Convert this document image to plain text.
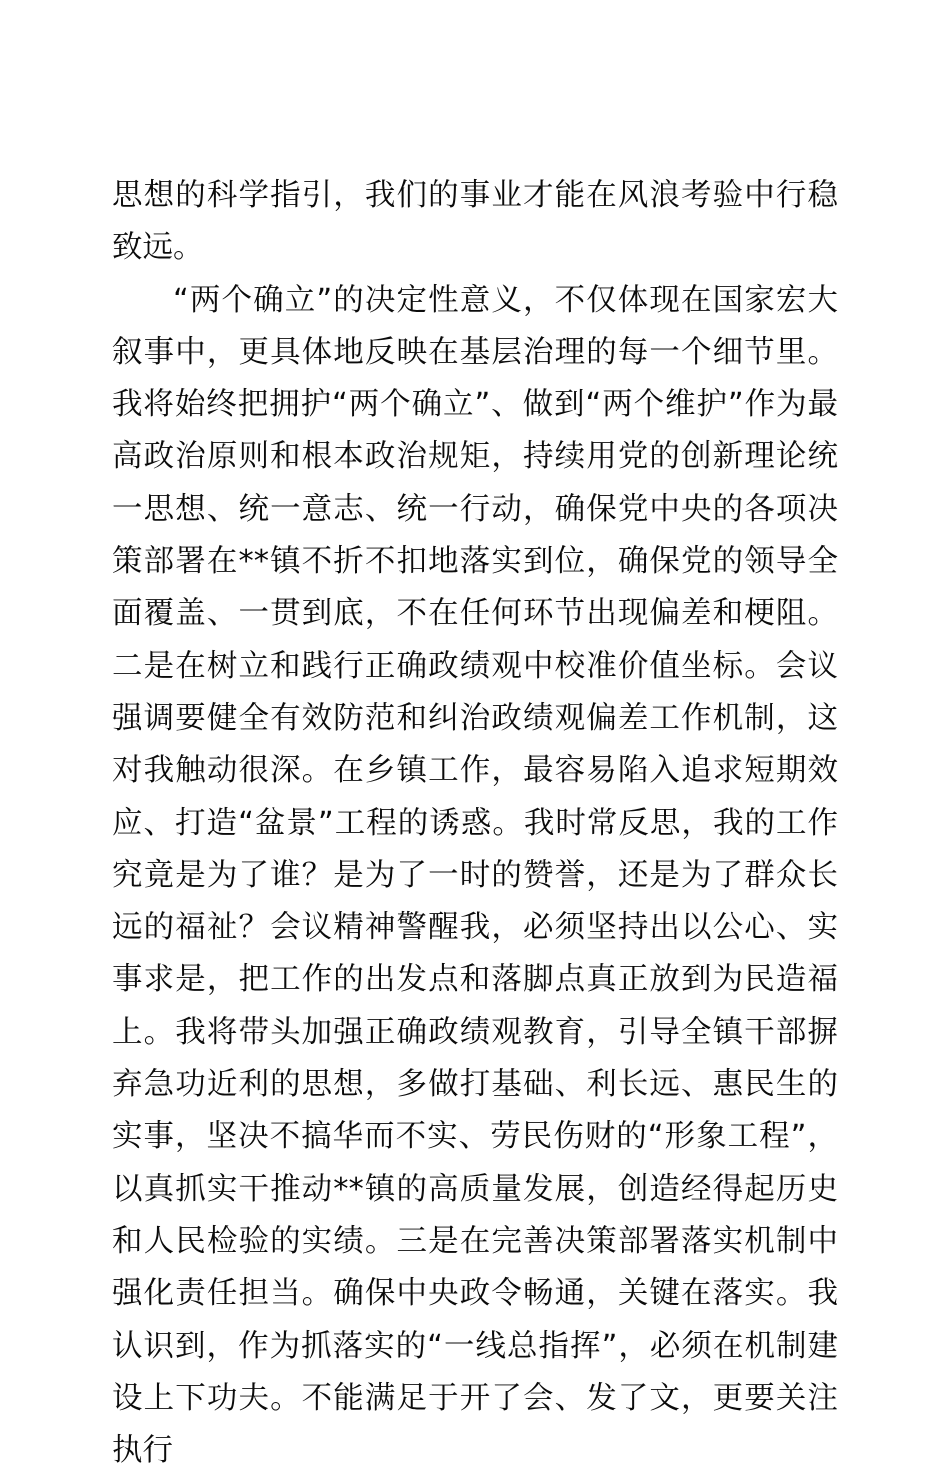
思想的科学指引，我们的事业才能在风浪考验中行稳致远。

“两个确立”的决定性意义，不仅体现在国家宏大叙事中，更具体地反映在基层治理的每一个细节里。我将始终把拥护“两个确立”、做到“两个维护”作为最高政治原则和根本政治规矩，持续用党的创新理论统一思想、统一意志、统一行动，确保党中央的各项决策部署在**镇不折不扣地落实到位，确保党的领导全面覆盖、一贯到底，不在任何环节出现偏差和梗阻。二是在树立和践行正确政绩观中校准价值坐标。会议强调要健全有效防范和纠治政绩观偏差工作机制，这对我触动很深。在乡镇工作，最容易陷入追求短期效应、打造“盆景”工程的诱惑。我时常反思，我的工作究竟是为了谁？是为了一时的赞誉，还是为了群众长远的福祉？会议精神警醒我，必须坚持出以公心、实事求是，把工作的出发点和落脚点真正放到为民造福上。我将带头加强正确政绩观教育，引导全镇干部摒弃急功近利的思想，多做打基础、利长远、惠民生的实事，坚决不搞华而不实、劳民伤财的“形象工程”，以真抓实干推动**镇的高质量发展，创造经得起历史和人民检验的实绩。三是在完善决策部署落实机制中强化责任担当。确保中央政令畅通，关键在落实。我认识到，作为抓落实的“一线总指挥”，必须在机制建设上下功夫。不能满足于开了会、发了文，更要关注执行
